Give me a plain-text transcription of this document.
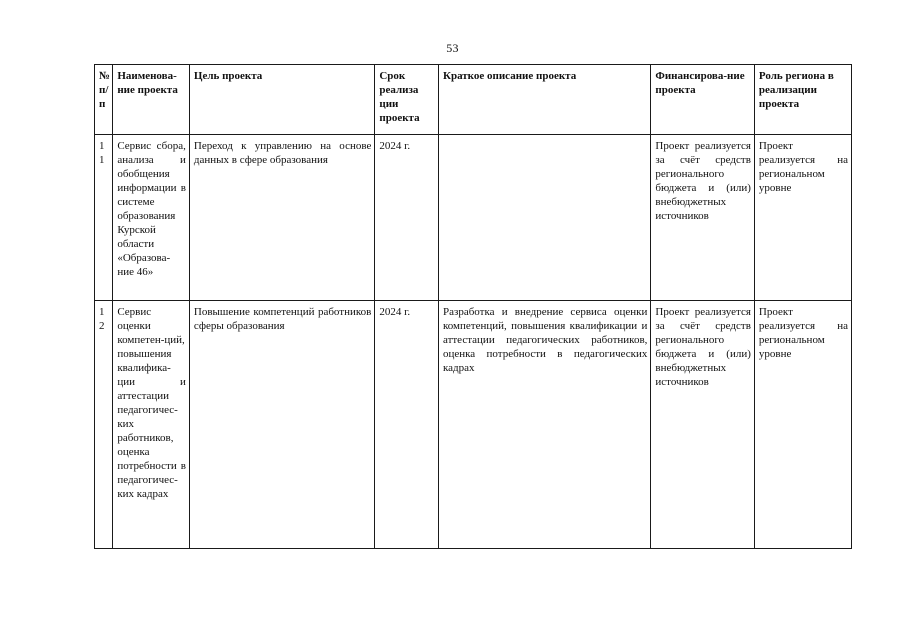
53
№ п/п	Наименова-ние проекта	Цель проекта	Срок реализа ции проекта	Краткое описание проекта	Финансирова-ние проекта	Роль региона в реализации проекта
11	Сервис сбора, анализа и обобщения информации в системе образования Курской области «Образова-ние 46»	Переход к управлению на основе данных в сфере образования	2024 г.		Проект реализуется за счёт средств регионального бюджета и (или) внебюджетных источников	Проект реализуется на региональном уровне
12	Сервис оценки компетен-ций, повышения квалифика-ции и аттестации педагогичес-ких работников, оценка потребности в педагогичес-ких кадрах	Повышение компетенций работников сферы образования	2024 г.	Разработка и внедрение сервиса оценки компетенций, повышения квалификации и аттестации педагогических работников, оценка потребности в педагогических кадрах	Проект реализуется за счёт средств регионального бюджета и (или) внебюджетных источников	Проект реализуется на региональном уровне
